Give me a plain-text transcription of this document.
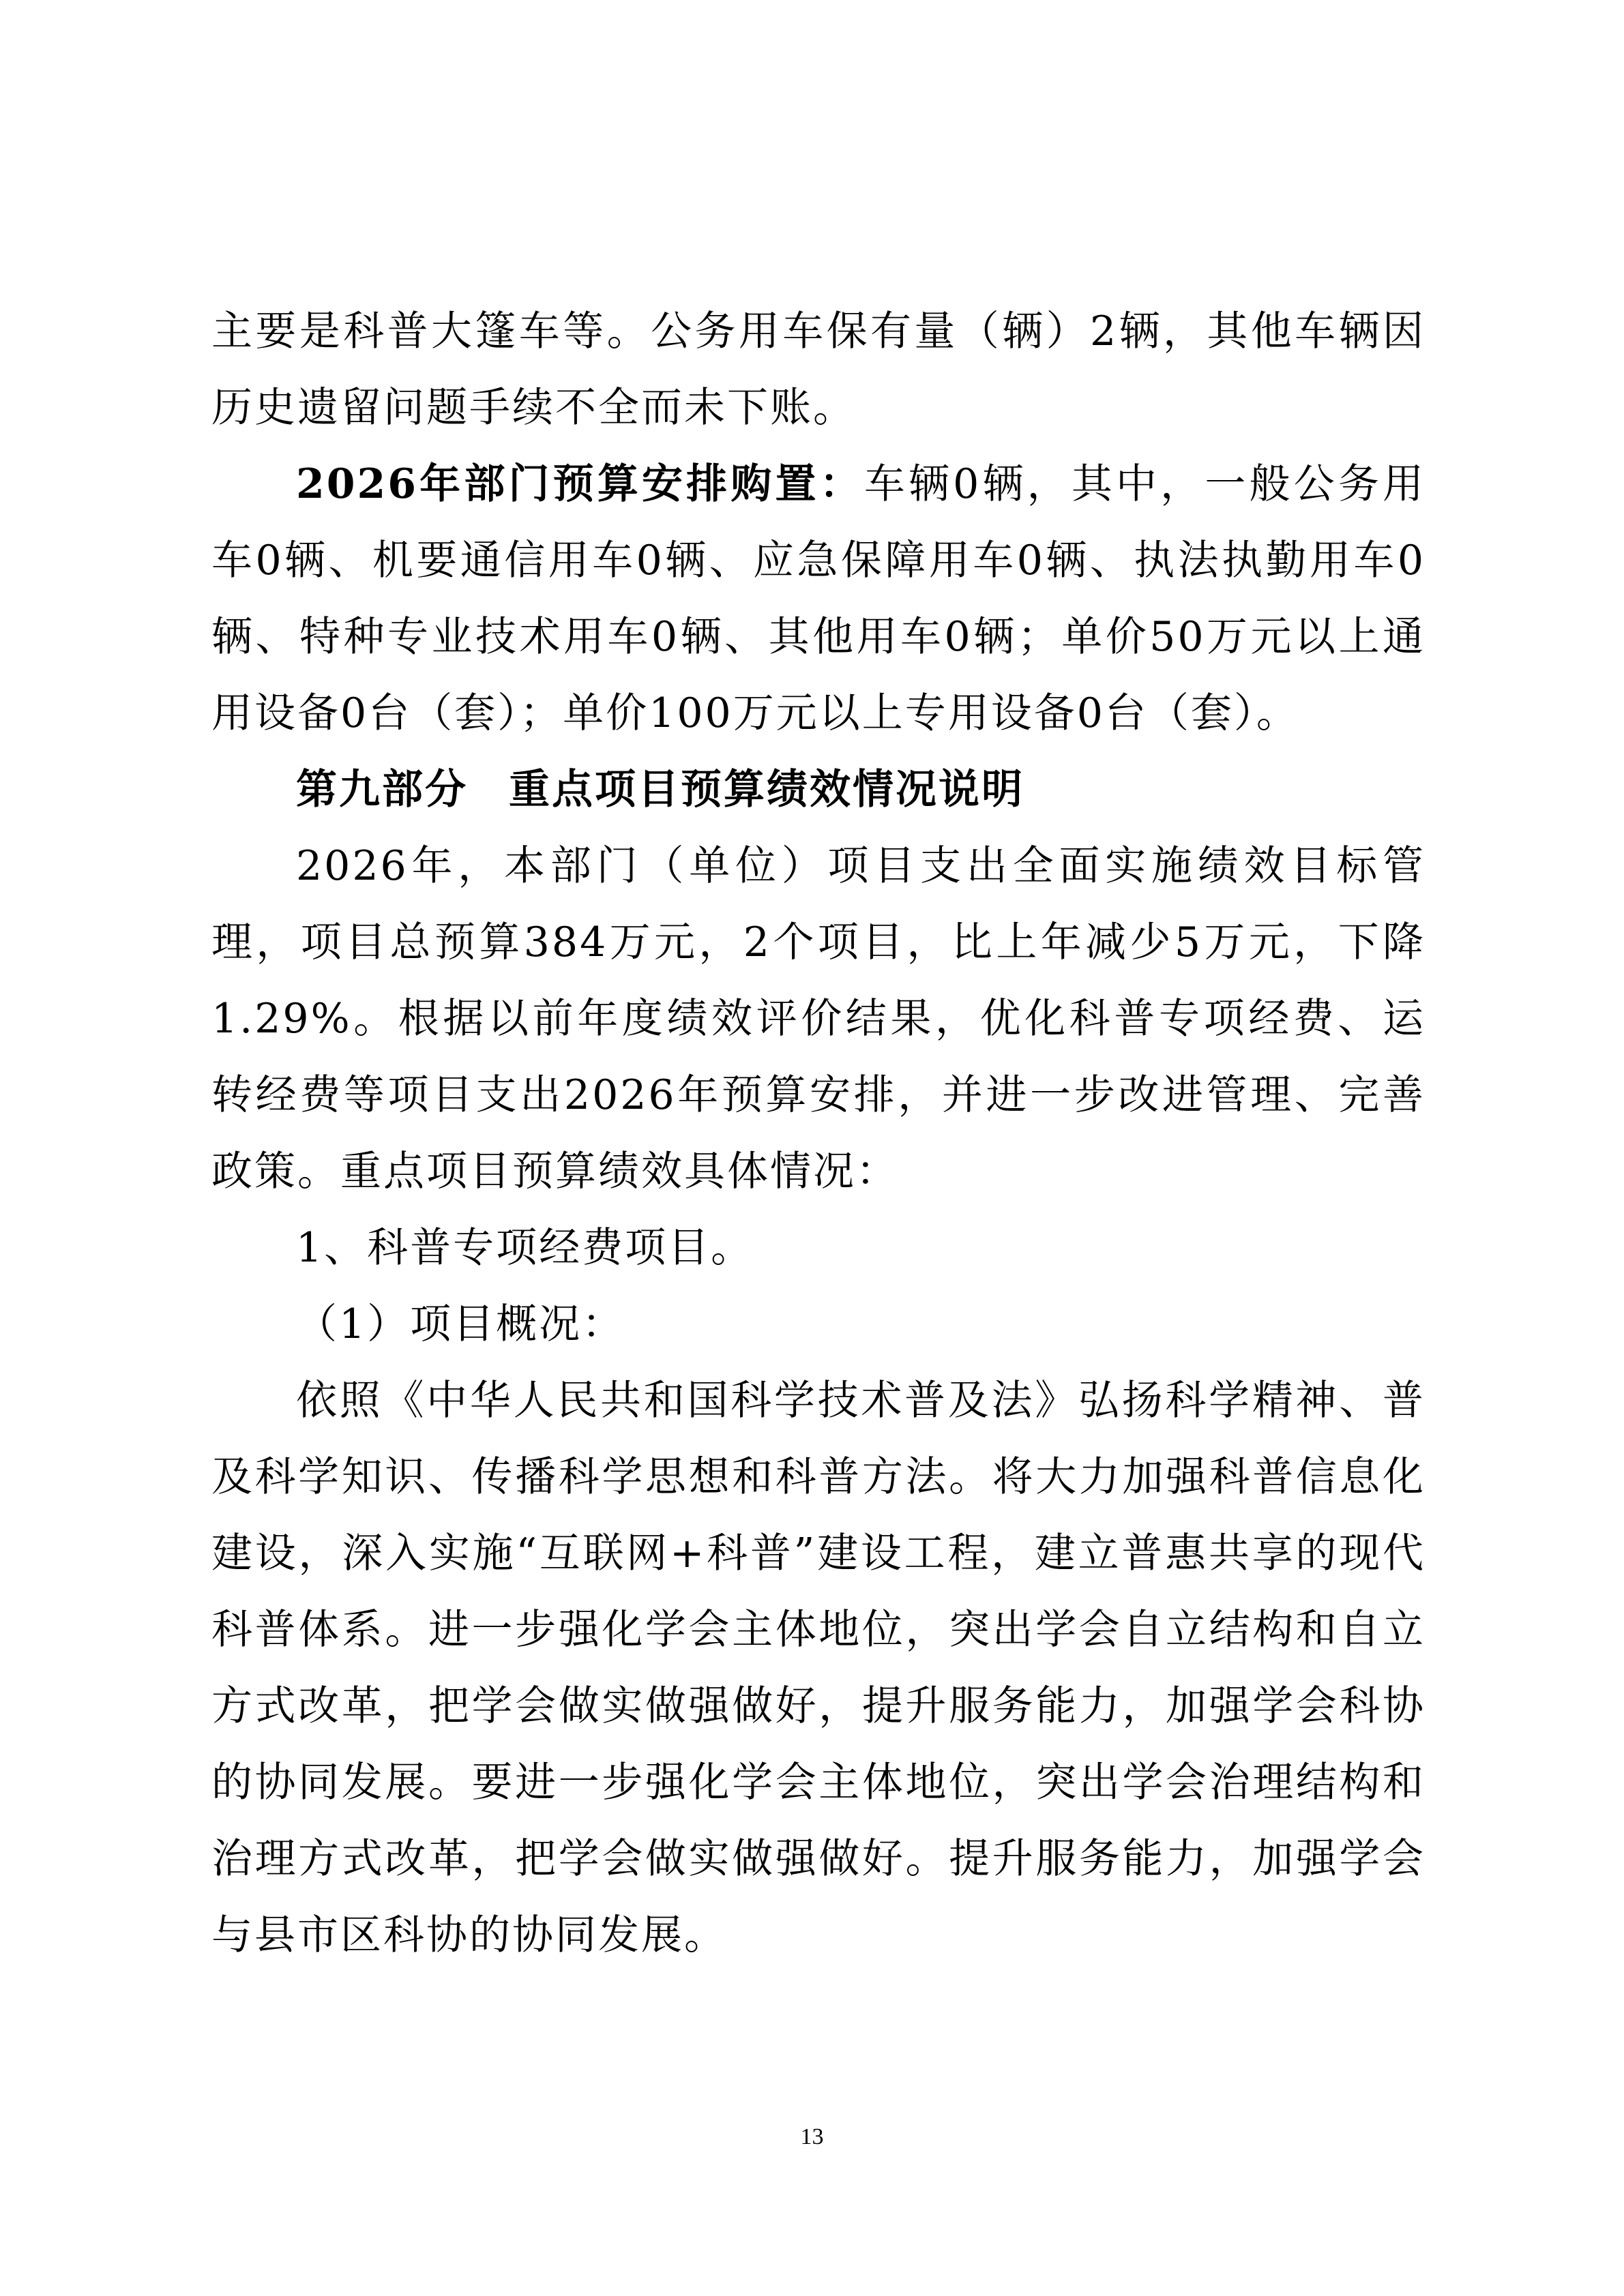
主要是科普大篷车等。公务用车保有量（辆）2辆，其他车辆因历史遗留问题手续不全而未下账。

2026年部门预算安排购置：车辆0辆，其中，一般公务用车0辆、机要通信用车0辆、应急保障用车0辆、执法执勤用车0辆、特种专业技术用车0辆、其他用车0辆；单价50万元以上通用设备0台（套）；单价100万元以上专用设备0台（套）。

第九部分 重点项目预算绩效情况说明

2026年，本部门（单位）项目支出全面实施绩效目标管理，项目总预算384万元，2个项目，比上年减少5万元，下降1.29%。根据以前年度绩效评价结果，优化科普专项经费、运转经费等项目支出2026年预算安排，并进一步改进管理、完善政策。重点项目预算绩效具体情况：

1、科普专项经费项目。

（1）项目概况：

依照《中华人民共和国科学技术普及法》弘扬科学精神、普及科学知识、传播科学思想和科普方法。将大力加强科普信息化建设，深入实施“互联网+科普”建设工程，建立普惠共享的现代科普体系。进一步强化学会主体地位，突出学会自立结构和自立方式改革，把学会做实做强做好，提升服务能力，加强学会科协的协同发展。要进一步强化学会主体地位，突出学会治理结构和治理方式改革，把学会做实做强做好。提升服务能力，加强学会与县市区科协的协同发展。

13
